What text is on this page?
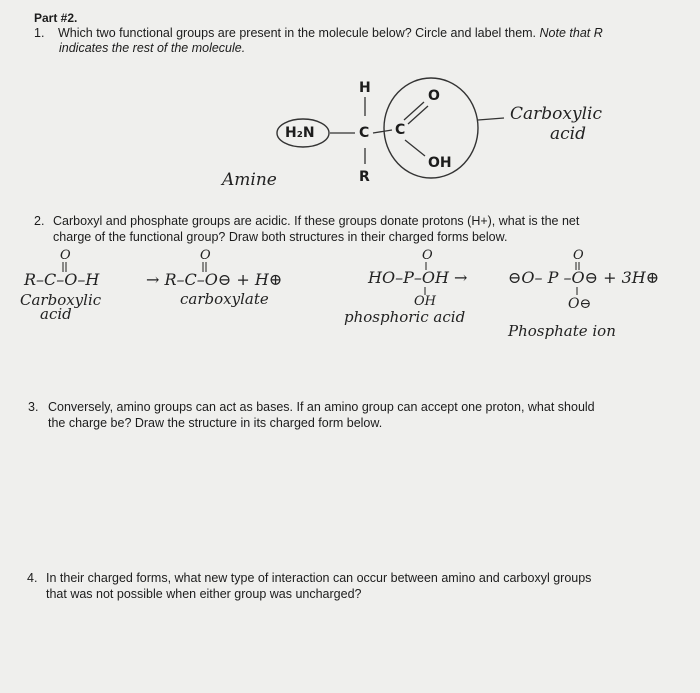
Part #2.
1. Which two functional groups are present in the molecule below? Circle and label them. Note that R
indicates the rest of the molecule.
H
H₂N	C C
O
OH
R
Amine
Carboxylic
acid
2. Carboxyl and phosphate groups are acidic. If these groups donate protons (H+), what is the net
charge of the functional group? Draw both structures in their charged forms below.
O	O	O	O
R–C–O–H
Carboxylic
acid
→ R–C–O⊖ + H⊕
carboxylate
HO–P–OH →
OH
phosphoric acid
⊖O– P –O⊖ + 3H⊕
O⊖
Phosphate ion
3. Conversely, amino groups can act as bases. If an amino group can accept one proton, what should
the charge be? Draw the structure in its charged form below.
4. In their charged forms, what new type of interaction can occur between amino and carboxyl groups
that was not possible when either group was uncharged?
